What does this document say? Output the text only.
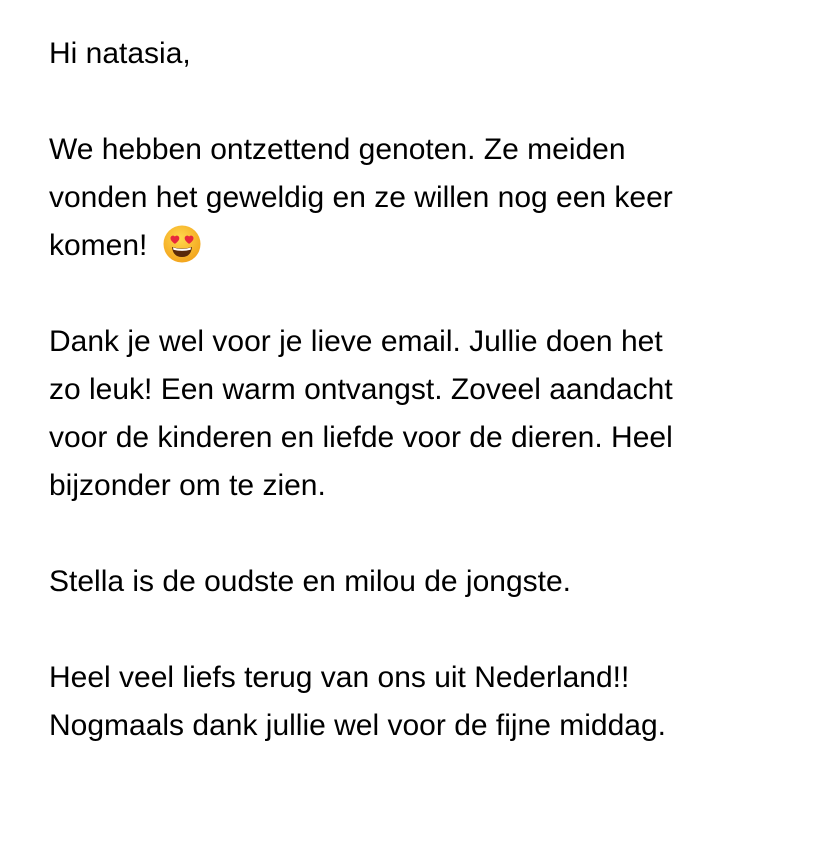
Hi natasia,
We hebben ontzettend genoten. Ze meiden
vonden het geweldig en ze willen nog een keer
komen!
Dank je wel voor je lieve email. Jullie doen het
zo leuk! Een warm ontvangst. Zoveel aandacht
voor de kinderen en liefde voor de dieren. Heel
bijzonder om te zien.
Stella is de oudste en milou de jongste.
Heel veel liefs terug van ons uit Nederland!!
Nogmaals dank jullie wel voor de fijne middag.
